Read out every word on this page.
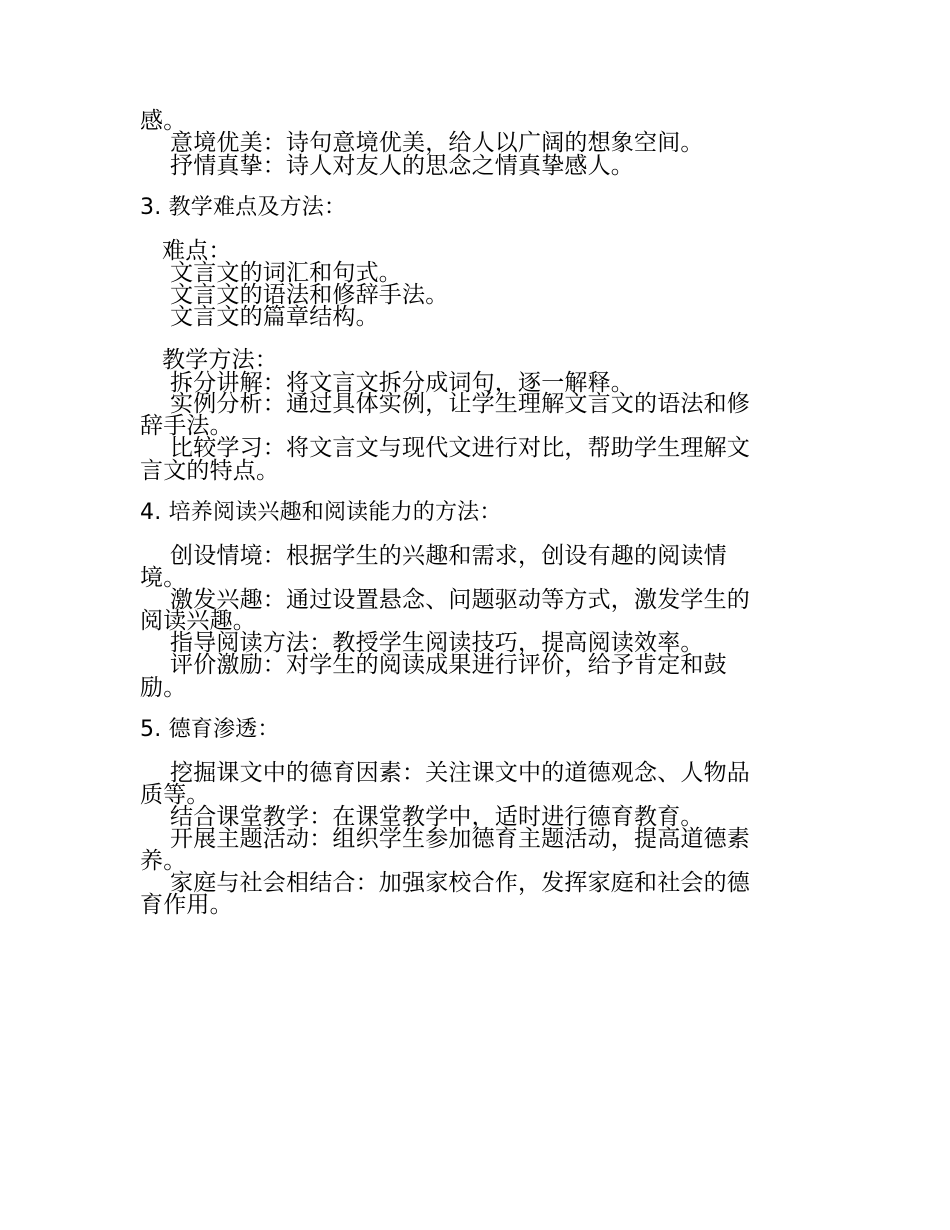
感。
意境优美：诗句意境优美，给人以广阔的想象空间。
抒情真挚：诗人对友人的思念之情真挚感人。
3. 教学难点及方法：
难点：
文言文的词汇和句式。
文言文的语法和修辞手法。
文言文的篇章结构。
教学方法：
拆分讲解：将文言文拆分成词句，逐一解释。
实例分析：通过具体实例，让学生理解文言文的语法和修
辞手法。
比较学习：将文言文与现代文进行对比，帮助学生理解文
言文的特点。
4. 培养阅读兴趣和阅读能力的方法：
创设情境：根据学生的兴趣和需求，创设有趣的阅读情
境。
激发兴趣：通过设置悬念、问题驱动等方式，激发学生的
阅读兴趣。
指导阅读方法：教授学生阅读技巧，提高阅读效率。
评价激励：对学生的阅读成果进行评价，给予肯定和鼓
励。
5. 德育渗透：
挖掘课文中的德育因素：关注课文中的道德观念、人物品
质等。
结合课堂教学：在课堂教学中，适时进行德育教育。
开展主题活动：组织学生参加德育主题活动，提高道德素
养。
家庭与社会相结合：加强家校合作，发挥家庭和社会的德
育作用。
